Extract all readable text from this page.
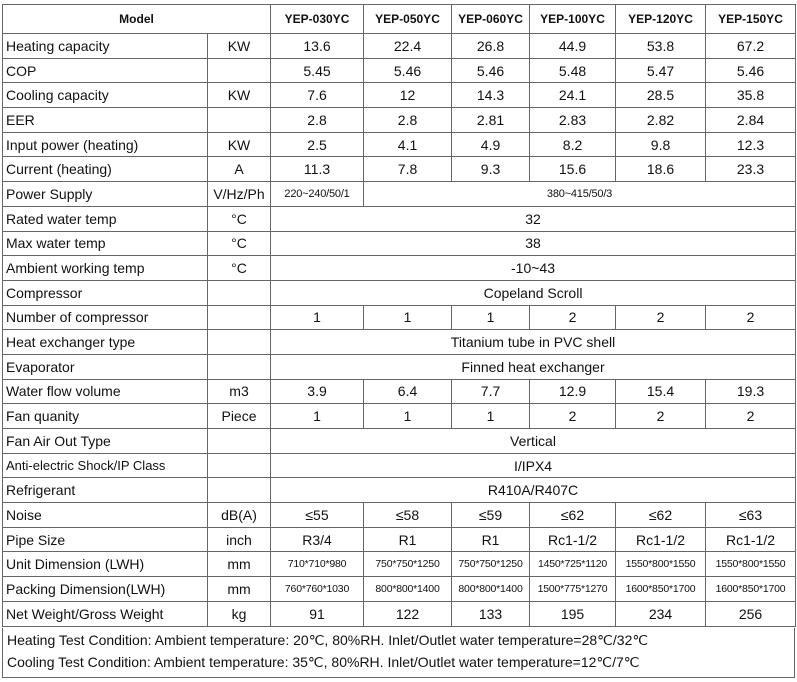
Model		YEP-030YC	YEP-050YC	YEP-060YC	YEP-100YC	YEP-120YC	YEP-150YC
Heating capacity	KW	13.6	22.4	26.8	44.9	53.8	67.2
COP		5.45	5.46	5.46	5.48	5.47	5.46
Cooling capacity	KW	7.6	12	14.3	24.1	28.5	35.8
EER		2.8	2.8	2.81	2.83	2.82	2.84
Input power (heating)	KW	2.5	4.1	4.9	8.2	9.8	12.3
Current (heating)	A	11.3	7.8	9.3	15.6	18.6	23.3
Power Supply	V/Hz/Ph	220~240/50/1	380~415/50/3				
Rated water temp	°C	32					
Max water temp	°C	38					
Ambient working temp	°C	-10~43					
Compressor		Copeland Scroll					
Number of compressor		1	1	1	2	2	2
Heat exchanger type		Titanium tube in PVC shell					
Evaporator		Finned heat exchanger					
Water flow volume	m3	3.9	6.4	7.7	12.9	15.4	19.3
Fan quanity	Piece	1	1	1	2	2	2
Fan Air Out Type		Vertical					
Anti-electric Shock/IP Class		I/IPX4					
Refrigerant		R410A/R407C					
Noise	dB(A)	≤55	≤58	≤59	≤62	≤62	≤63
Pipe Size	inch	R3/4	R1	R1	Rc1-1/2	Rc1-1/2	Rc1-1/2
Unit Dimension (LWH)	mm	710*710*980	750*750*1250	750*750*1250	1450*725*1120	1550*800*1550	1550*800*1550
Packing Dimension(LWH)	mm	760*760*1030	800*800*1400	800*800*1400	1500*775*1270	1600*850*1700	1600*850*1700
Net Weight/Gross Weight	kg	91	122	133	195	234	256
Heating Test Condition: Ambient temperature: 20℃, 80%RH. Inlet/Outlet water temperature=28℃/32℃
Cooling Test Condition: Ambient temperature: 35℃, 80%RH. Inlet/Outlet water temperature=12℃/7℃
